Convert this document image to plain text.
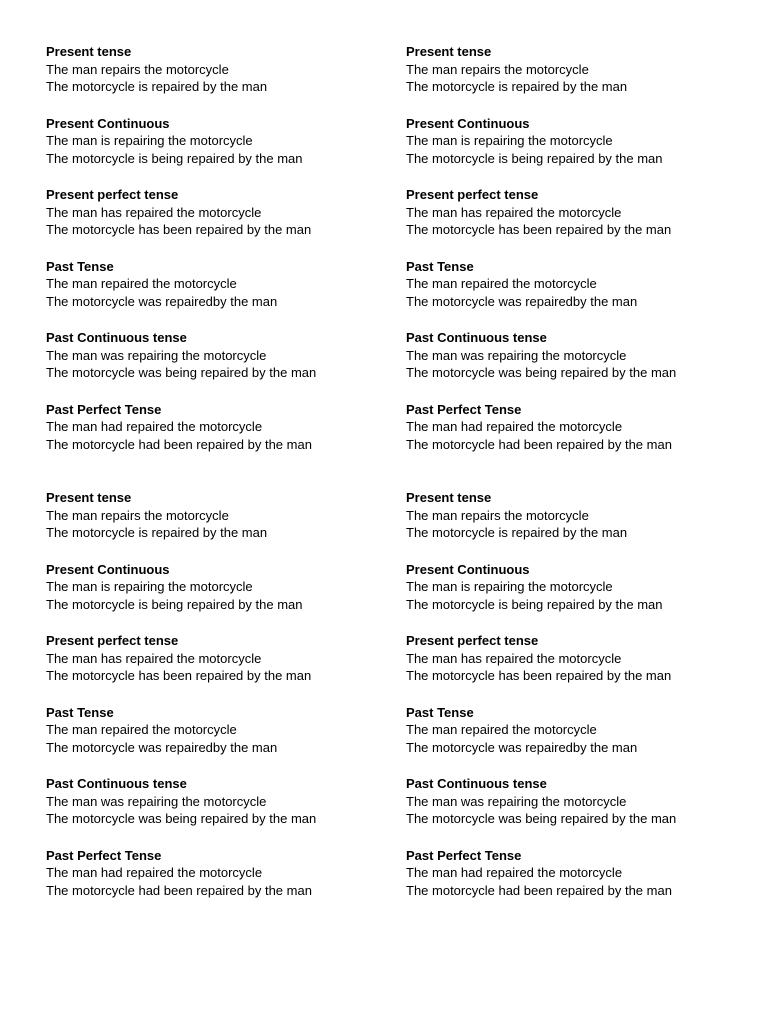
Present tense
The man repairs the motorcycle
The motorcycle is repaired by the man
Present Continuous
The man is repairing the motorcycle
The motorcycle is being repaired by the man
Present perfect tense
The man has repaired the motorcycle
The motorcycle has been repaired by the man
Past Tense
The man repaired the motorcycle
The motorcycle was repairedby the man
Past Continuous tense
The man was repairing the motorcycle
The motorcycle was being repaired by the man
Past Perfect Tense
The man had repaired the motorcycle
The motorcycle had been repaired by the man
Present tense
The man repairs the motorcycle
The motorcycle is repaired by the man
Present Continuous
The man is repairing the motorcycle
The motorcycle is being repaired by the man
Present perfect tense
The man has repaired the motorcycle
The motorcycle has been repaired by the man
Past Tense
The man repaired the motorcycle
The motorcycle was repairedby the man
Past Continuous tense
The man was repairing the motorcycle
The motorcycle was being repaired by the man
Past Perfect Tense
The man had repaired the motorcycle
The motorcycle had been repaired by the man
Present tense
The man repairs the motorcycle
The motorcycle is repaired by the man
Present Continuous
The man is repairing the motorcycle
The motorcycle is being repaired by the man
Present perfect tense
The man has repaired the motorcycle
The motorcycle has been repaired by the man
Past Tense
The man repaired the motorcycle
The motorcycle was repairedby the man
Past Continuous tense
The man was repairing the motorcycle
The motorcycle was being repaired by the man
Past Perfect Tense
The man had repaired the motorcycle
The motorcycle had been repaired by the man
Present tense
The man repairs the motorcycle
The motorcycle is repaired by the man
Present Continuous
The man is repairing the motorcycle
The motorcycle is being repaired by the man
Present perfect tense
The man has repaired the motorcycle
The motorcycle has been repaired by the man
Past Tense
The man repaired the motorcycle
The motorcycle was repairedby the man
Past Continuous tense
The man was repairing the motorcycle
The motorcycle was being repaired by the man
Past Perfect Tense
The man had repaired the motorcycle
The motorcycle had been repaired by the man
